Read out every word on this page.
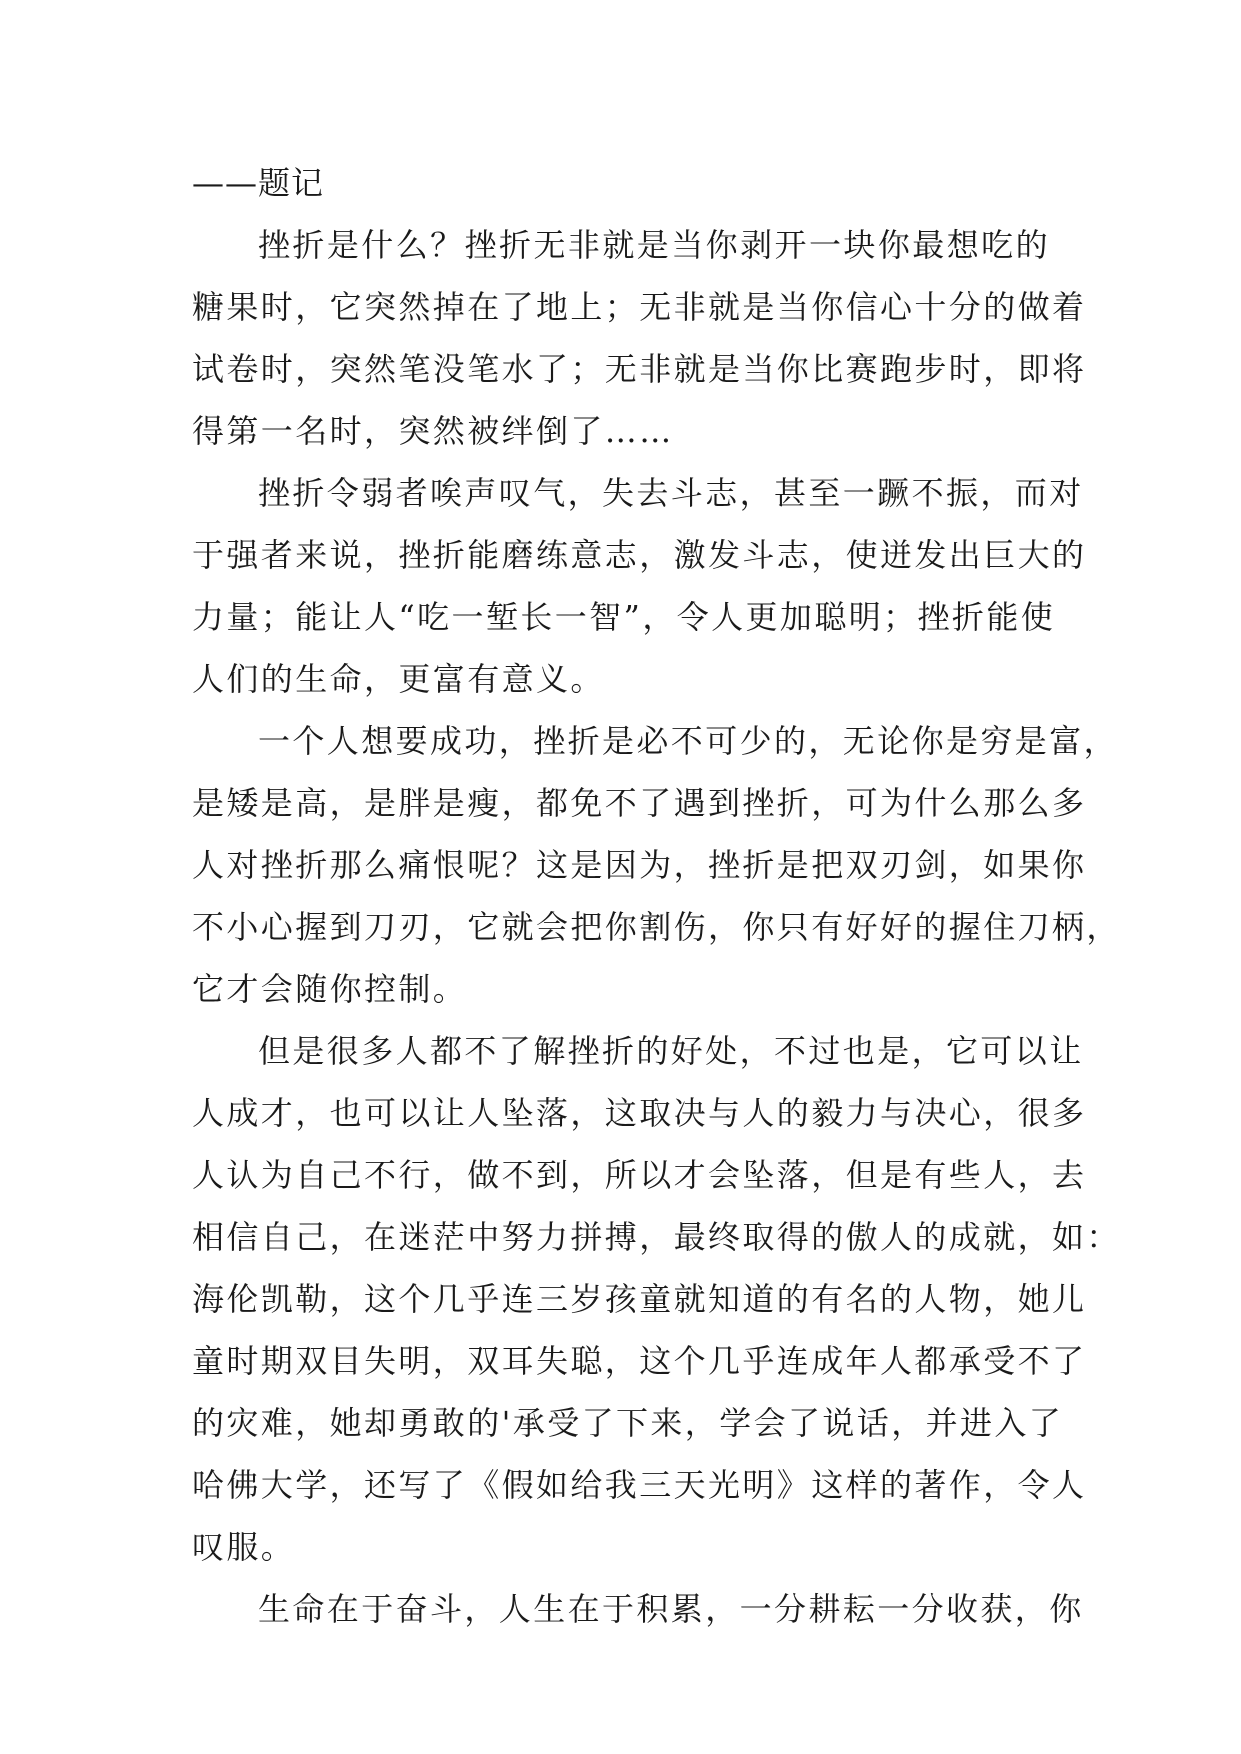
——题记
挫折是什么？挫折无非就是当你剥开一块你最想吃的
糖果时，它突然掉在了地上；无非就是当你信心十分的做着
试卷时，突然笔没笔水了；无非就是当你比赛跑步时，即将
得第一名时，突然被绊倒了……
挫折令弱者唉声叹气，失去斗志，甚至一蹶不振，而对
于强者来说，挫折能磨练意志，激发斗志，使迸发出巨大的
力量；能让人“吃一堑长一智”，令人更加聪明；挫折能使
人们的生命，更富有意义。
一个人想要成功，挫折是必不可少的，无论你是穷是富，
是矮是高，是胖是瘦，都免不了遇到挫折，可为什么那么多
人对挫折那么痛恨呢？这是因为，挫折是把双刃剑，如果你
不小心握到刀刃，它就会把你割伤，你只有好好的握住刀柄，
它才会随你控制。
但是很多人都不了解挫折的好处，不过也是，它可以让
人成才，也可以让人坠落，这取决与人的毅力与决心，很多
人认为自己不行，做不到，所以才会坠落，但是有些人，去
相信自己，在迷茫中努力拼搏，最终取得的傲人的成就，如：
海伦凯勒，这个几乎连三岁孩童就知道的有名的人物，她儿
童时期双目失明，双耳失聪，这个几乎连成年人都承受不了
的灾难，她却勇敢的'承受了下来，学会了说话，并进入了
哈佛大学，还写了《假如给我三天光明》这样的著作，令人
叹服。
生命在于奋斗，人生在于积累，一分耕耘一分收获，你
